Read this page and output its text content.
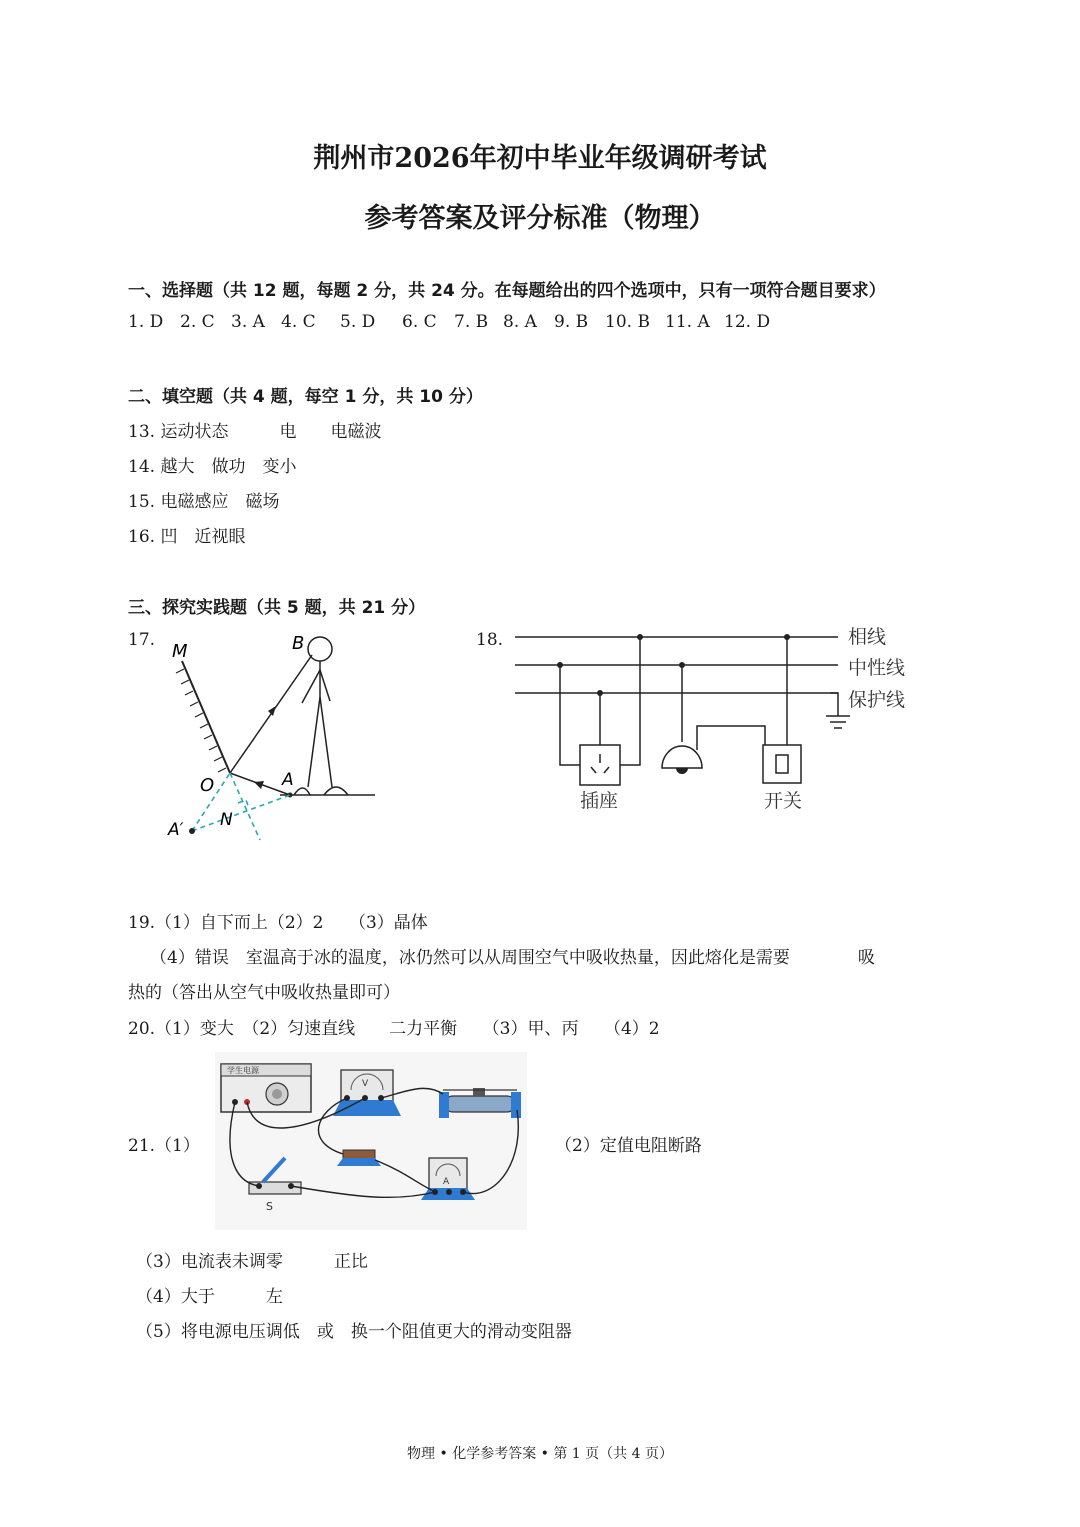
荆州市2026年初中毕业年级调研考试
参考答案及评分标准（物理）
一、选择题（共 12 题，每题 2 分，共 24 分。在每题给出的四个选项中，只有一项符合题目要求）
1. D 2. C 3. A 4. C 5. D 6. C 7. B 8. A 9. B 10. B 11. A 12. D
二、填空题（共 4 题，每空 1 分，共 10 分）
13. 运动状态　　　电　　电磁波
14. 越大　做功　变小
15. 电磁感应　磁场
16. 凹　近视眼
三、探究实践题（共 5 题，共 21 分）
17.
M	B
A
O
A′ N
18.	相线
中性线
保护线
插座	开关
19.（1）自下而上（2）2　　（3）晶体
（4）错误　室温高于冰的温度，冰仍然可以从周围空气中吸收热量，因此熔化是需要　　　　吸
热的（答出从空气中吸收热量即可）
20.（1）变大　（2）匀速直线　　二力平衡　　（3）甲、丙　　（4）2
21.（1）
学生电源
V
A
S
（2）定值电阻断路
（3）电流表未调零　　　正比
（4）大于　　　左
（5）将电源电压调低　或　换一个阻值更大的滑动变阻器
物理 • 化学参考答案 • 第 1 页（共 4 页）
